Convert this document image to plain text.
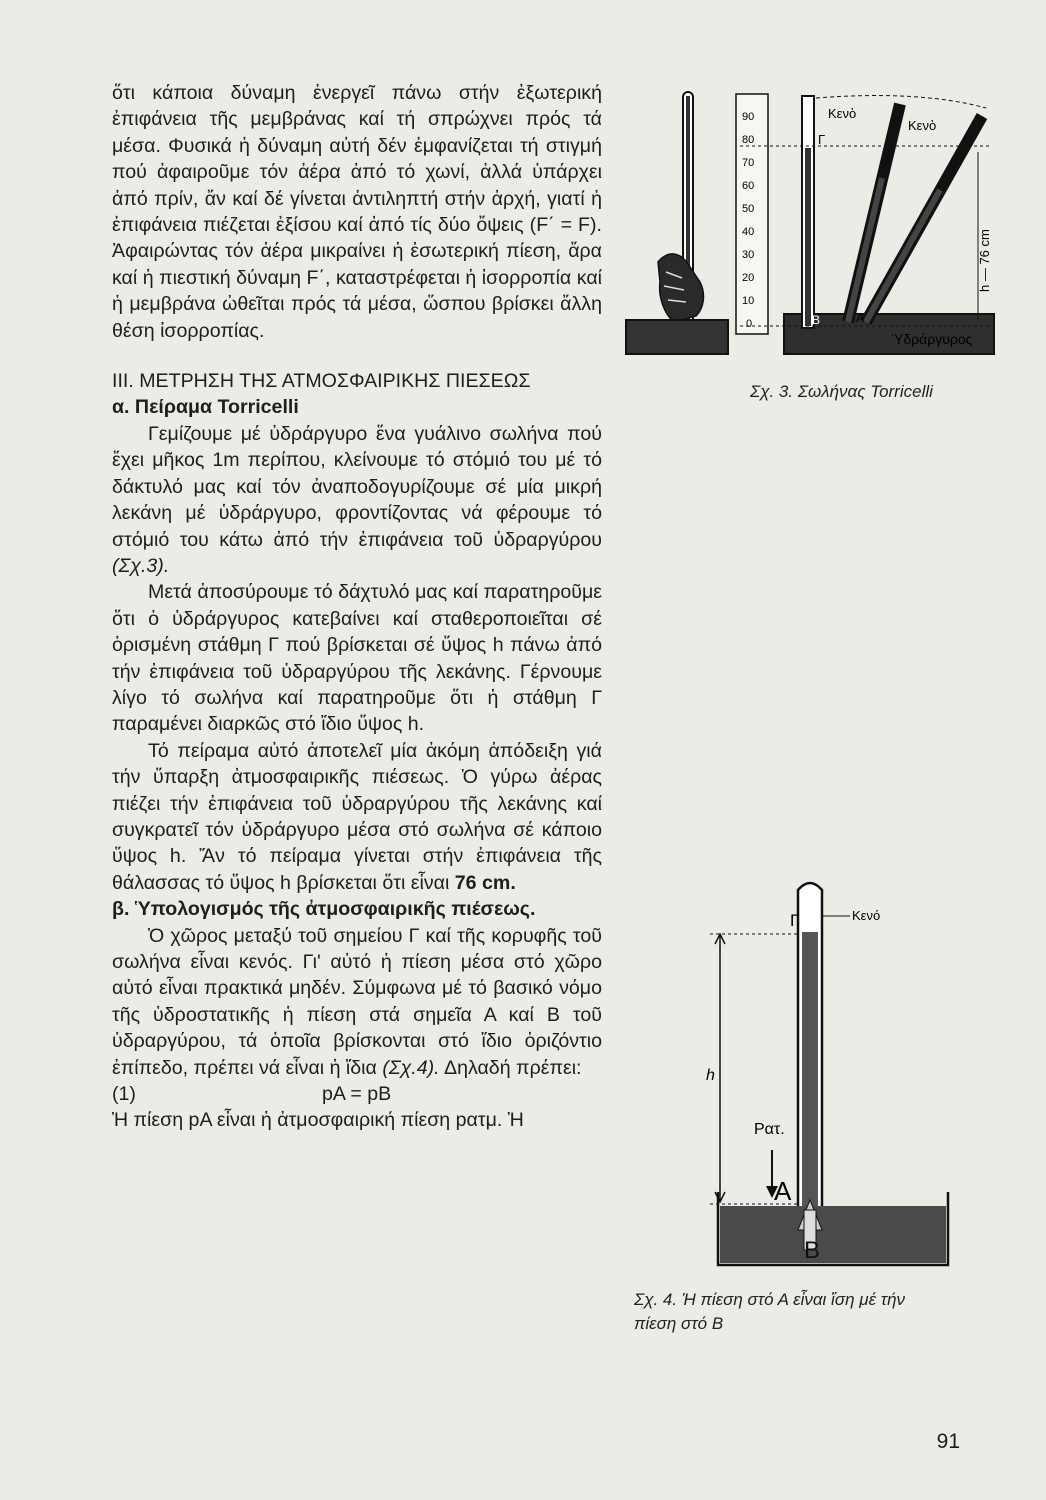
ὅτι κάποια δύναμη ἐνεργεῖ πάνω στήν ἐξωτερική ἐπιφάνεια τῆς μεμβράνας καί τή σπρώχνει πρός τά μέσα. Φυσικά ἡ δύναμη αὐτή δέν ἐμφανίζεται τή στιγμή πού ἀφαιροῦμε τόν ἀέρα ἀπό τό χωνί, ἀλλά ὑπάρχει ἀπό πρίν, ἄν καί δέ γίνεται ἀντιληπτή στήν ἀρχή, γιατί ἡ ἐπιφάνεια πιέζεται ἐξίσου καί ἀπό τίς δύο ὄψεις (F΄ = F). Ἀφαιρώντας τόν ἀέρα μικραίνει ἡ ἐσωτερική πίεση, ἄρα καί ἡ πιεστική δύναμη F΄, καταστρέφεται ἡ ἰσορροπία καί ἡ μεμβράνα ὠθεῖται πρός τά μέσα, ὥσπου βρίσκει ἄλλη θέση ἰσορροπίας.

ΙΙΙ. ΜΕΤΡΗΣΗ ΤΗΣ ΑΤΜΟΣΦΑΙΡΙΚΗΣ ΠΙΕΣΕΩΣ
α. Πείραμα Torricelli

Γεμίζουμε μέ ὑδράργυρο ἕνα γυάλινο σωλήνα πού ἔχει μῆκος 1m περίπου, κλείνουμε τό στόμιό του μέ τό δάκτυλό μας καί τόν ἀναποδογυρίζουμε σέ μία μικρή λεκάνη μέ ὑδράργυρο, φροντίζοντας νά φέρουμε τό στόμιό του κάτω ἀπό τήν ἐπιφάνεια τοῦ ὑδραργύρου (Σχ.3).

Μετά ἀποσύρουμε τό δάχτυλό μας καί παρατηροῦμε ὅτι ὁ ὑδράργυρος κατεβαίνει καί σταθεροποιεῖται σέ ὁρισμένη στάθμη Γ πού βρίσκεται σέ ὕψος h πάνω ἀπό τήν ἐπιφάνεια τοῦ ὑδραργύρου τῆς λεκάνης. Γέρνουμε λίγο τό σωλήνα καί παρατηροῦμε ὅτι ἡ στάθμη Γ παραμένει διαρκῶς στό ἴδιο ὕψος h.

Τό πείραμα αὐτό ἀποτελεῖ μία ἀκόμη ἀπόδειξη γιά τήν ὕπαρξη ἀτμοσφαιρικῆς πιέσεως. Ὁ γύρω ἀέρας πιέζει τήν ἐπιφάνεια τοῦ ὑδραργύρου τῆς λεκάνης καί συγκρατεῖ τόν ὑδράργυρο μέσα στό σωλήνα σέ κάποιο ὕψος h. Ἄν τό πείραμα γίνεται στήν ἐπιφάνεια τῆς θάλασσας τό ὕψος h βρίσκεται ὅτι εἶναι 76 cm.

β. Ὑπολογισμός τῆς ἀτμοσφαιρικῆς πιέσεως.

Ὁ χῶρος μεταξύ τοῦ σημείου Γ καί τῆς κορυφῆς τοῦ σωλήνα εἶναι κενός. Γι' αὐτό ἡ πίεση μέσα στό χῶρο αὐτό εἶναι πρακτικά μηδέν. Σύμφωνα μέ τό βασικό νόμο τῆς ὑδροστατικῆς ἡ πίεση στά σημεῖα Α καί Β τοῦ ὑδραργύρου, τά ὁποῖα βρίσκονται στό ἴδιο ὁριζόντιο ἐπίπεδο, πρέπει νά εἶναι ἡ ἴδια (Σχ.4). Δηλαδή πρέπει:

(1)	pA = pB

Ἡ πίεση pA εἶναι ἡ ἀτμοσφαιρική πίεση pατμ. Ἡ

90
80
70
60
50
40
30
20
10
0
Κενὸ
Κενὸ
Γ
Β	Α
h — 76 cm
Ὑδράργυρος
Σχ. 3. Σωλήνας Torricelli
Γ	Κενό
h
Pατ.
A
B
Σχ. 4. Ἡ πίεση στό Α εἶναι ἴση μέ τήν
πίεση στό Β
91
